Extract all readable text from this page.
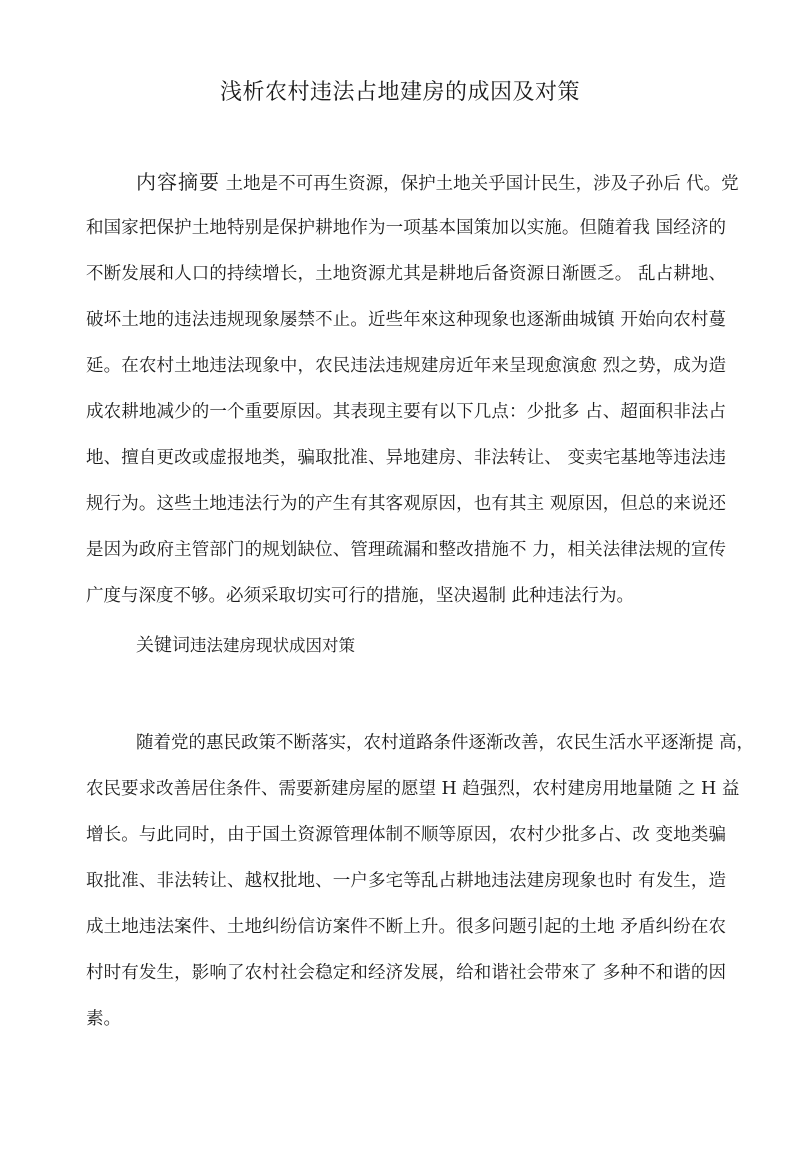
浅析农村违法占地建房的成因及对策
内容摘要 土地是不可再生资源，保护土地关乎国计民生，涉及子孙后 代。党
和国家把保护土地特别是保护耕地作为一项基本国策加以实施。但随着我 国经济的
不断发展和人口的持续增长，土地资源尤其是耕地后备资源日渐匮乏。 乱占耕地、
破坏土地的违法违规现象屡禁不止。近些年來这种现象也逐渐曲城镇 开始向农村蔓
延。在农村土地违法现象中，农民违法违规建房近年来呈现愈演愈 烈之势，成为造
成农耕地减少的一个重要原因。其表现主要有以下几点：少批多 占、超面积非法占
地、擅自更改或虚报地类，骗取批准、异地建房、非法转让、 变卖宅基地等违法违
规行为。这些土地违法行为的产生有其客观原因，也有其主 观原因，但总的来说还
是因为政府主管部门的规划缺位、管理疏漏和整改措施不 力，相关法律法规的宣传
广度与深度不够。必须采取切实可行的措施，坚决遏制 此种违法行为。
关键词违法建房现状成因对策
随着党的惠民政策不断落实，农村道路条件逐渐改善，农民生活水平逐渐提 高，
农民要求改善居住条件、需要新建房屋的愿望 H 趋强烈，农村建房用地量随 之 H 益
增长。与此同时，由于国土资源管理体制不顺等原因，农村少批多占、改 变地类骗
取批准、非法转让、越权批地、一户多宅等乱占耕地违法建房现象也时 有发生，造
成土地违法案件、土地纠纷信访案件不断上升。很多问题引起的土地 矛盾纠纷在农
村时有发生，影响了农村社会稳定和经济发展，给和谐社会带來了 多种不和谐的因
素。
